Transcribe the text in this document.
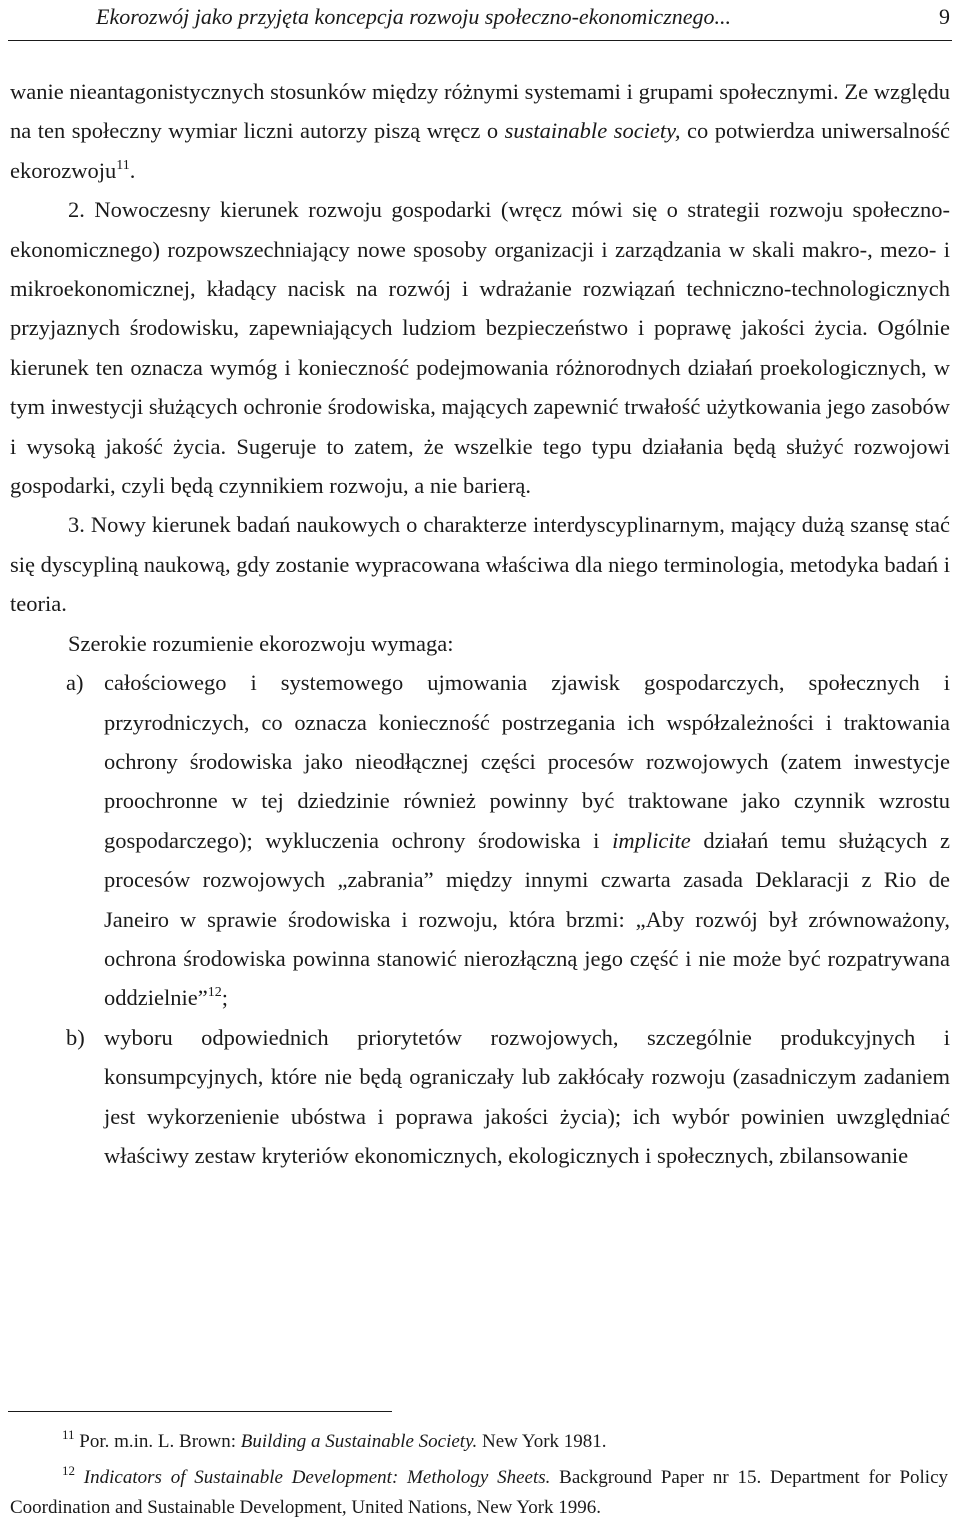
Ekorozwój jako przyjęta koncepcja rozwoju społeczno-ekonomicznego...	9

wanie nieantagonistycznych stosunków między różnymi systemami i grupami społecznymi. Ze względu na ten społeczny wymiar liczni autorzy piszą wręcz o sustainable society, co potwierdza uniwersalność ekorozwoju$^{11}$.

2. Nowoczesny kierunek rozwoju gospodarki (wręcz mówi się o strategii rozwoju społeczno-ekonomicznego) rozpowszechniający nowe sposoby organizacji i zarządzania w skali makro-, mezo- i mikroekonomicznej, kładący nacisk na rozwój i wdrażanie rozwiązań techniczno-technologicznych przyjaznych środowisku, zapewniających ludziom bezpieczeństwo i poprawę jakości życia. Ogólnie kierunek ten oznacza wymóg i konieczność podejmowania różnorodnych działań proekologicznych, w tym inwestycji służących ochronie środowiska, mających zapewnić trwałość użytkowania jego zasobów i wysoką jakość życia. Sugeruje to zatem, że wszelkie tego typu działania będą służyć rozwojowi gospodarki, czyli będą czynnikiem rozwoju, a nie barierą.

3. Nowy kierunek badań naukowych o charakterze interdyscyplinarnym, mający dużą szansę stać się dyscypliną naukową, gdy zostanie wypracowana właściwa dla niego terminologia, metodyka badań i teoria.

Szerokie rozumienie ekorozwoju wymaga:

a) całościowego i systemowego ujmowania zjawisk gospodarczych, społecznych i przyrodniczych, co oznacza konieczność postrzegania ich współzależności i traktowania ochrony środowiska jako nieodłącznej części procesów rozwojowych (zatem inwestycje proochronne w tej dziedzinie również powinny być traktowane jako czynnik wzrostu gospodarczego); wykluczenia ochrony środowiska i implicite działań temu służących z procesów rozwojowych „zabrania” między innymi czwarta zasada Deklaracji z Rio de Janeiro w sprawie środowiska i rozwoju, która brzmi: „Aby rozwój był zrównoważony, ochrona środowiska powinna stanowić nierozłączną jego część i nie może być rozpatrywana oddzielnie”$^{12}$;
b) wyboru odpowiednich priorytetów rozwojowych, szczególnie produkcyjnych i konsumpcyjnych, które nie będą ograniczały lub zakłócały rozwoju (zasadniczym zadaniem jest wykorzenienie ubóstwa i poprawa jakości życia); ich wybór powinien uwzględniać właściwy zestaw kryteriów ekonomicznych, ekologicznych i społecznych, zbilansowanie

$^{11}$ Por. m.in. L. Brown: Building a Sustainable Society. New York 1981.

$^{12}$ Indicators of Sustainable Development: Methology Sheets. Background Paper nr 15. Department for Policy Coordination and Sustainable Development, United Nations, New York 1996.
